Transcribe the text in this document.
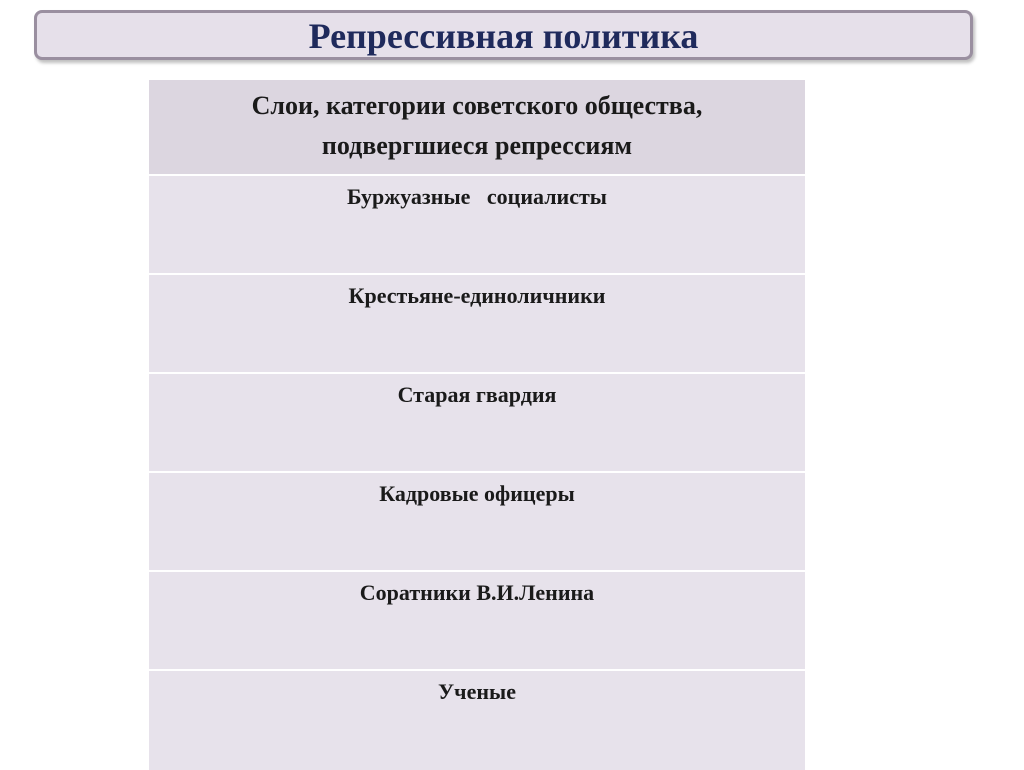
Репрессивная политика
Слои, категории советского общества,
подвергшиеся репрессиям
Буржуазные   социалисты
Крестьяне-единоличники
Старая гвардия
Кадровые офицеры
Соратники В.И.Ленина
Ученые
